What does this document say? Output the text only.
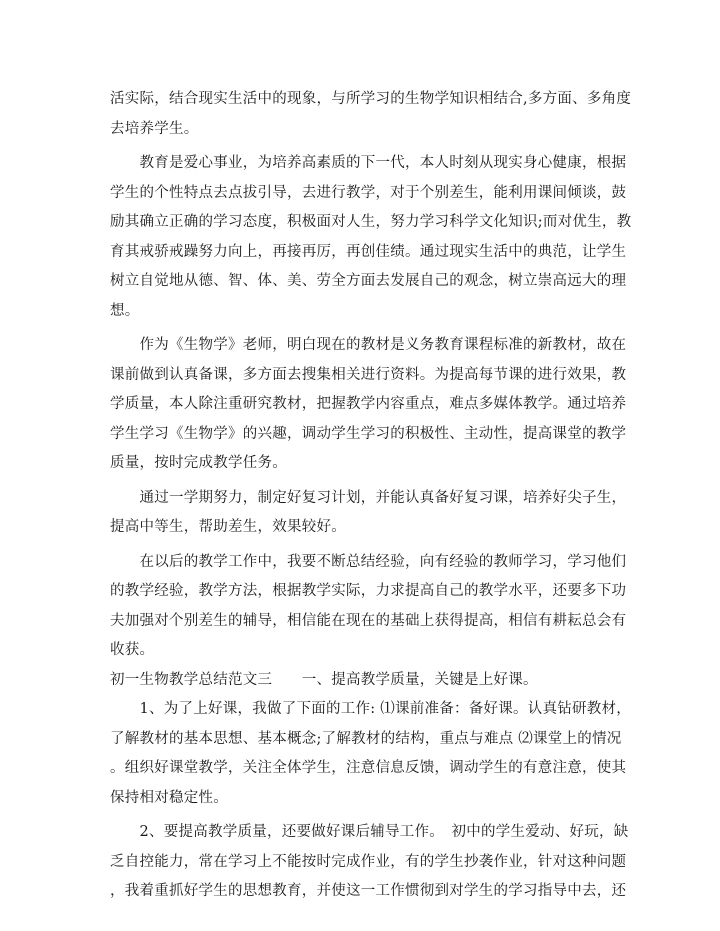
活实际，结合现实生活中的现象，与所学习的生物学知识相结合,多方面、多角度
去培养学生。
　　教育是爱心事业，为培养高素质的下一代，本人时刻从现实身心健康，根据
学生的个性特点去点拔引导，去进行教学，对于个别差生，能利用课间倾谈，鼓
励其确立正确的学习态度，积极面对人生，努力学习科学文化知识;而对优生，教
育其戒骄戒躁努力向上，再接再厉，再创佳绩。通过现实生活中的典范，让学生
树立自觉地从德、智、体、美、劳全方面去发展自己的观念，树立崇高远大的理
想。
　　作为《生物学》老师，明白现在的教材是义务教育课程标准的新教材，故在
课前做到认真备课，多方面去搜集相关进行资料。为提高每节课的进行效果，教
学质量，本人除注重研究教材，把握教学内容重点，难点多媒体教学。通过培养
学生学习《生物学》的兴趣，调动学生学习的积极性、主动性，提高课堂的教学
质量，按时完成教学任务。
　　通过一学期努力，制定好复习计划，并能认真备好复习课，培养好尖子生，
提高中等生，帮助差生，效果较好。
　　在以后的教学工作中，我要不断总结经验，向有经验的教师学习，学习他们
的教学经验，教学方法，根据教学实际，力求提高自己的教学水平，还要多下功
夫加强对个别差生的辅导，相信能在现在的基础上获得提高，相信有耕耘总会有
收获。
初一生物教学总结范文三　　一、提高教学质量，关键是上好课。
　　1、为了上好课，我做了下面的工作: ⑴课前准备：备好课。认真钻研教材，
了解教材的基本思想、基本概念;了解教材的结构，重点与难点 ⑵课堂上的情况
。组织好课堂教学，关注全体学生，注意信息反馈，调动学生的有意注意，使其
保持相对稳定性。
　　2、要提高教学质量，还要做好课后辅导工作。　初中的学生爱动、好玩，缺
乏自控能力，常在学习上不能按时完成作业，有的学生抄袭作业，针对这种问题
，我着重抓好学生的思想教育，并使这一工作惯彻到对学生的学习指导中去，还
